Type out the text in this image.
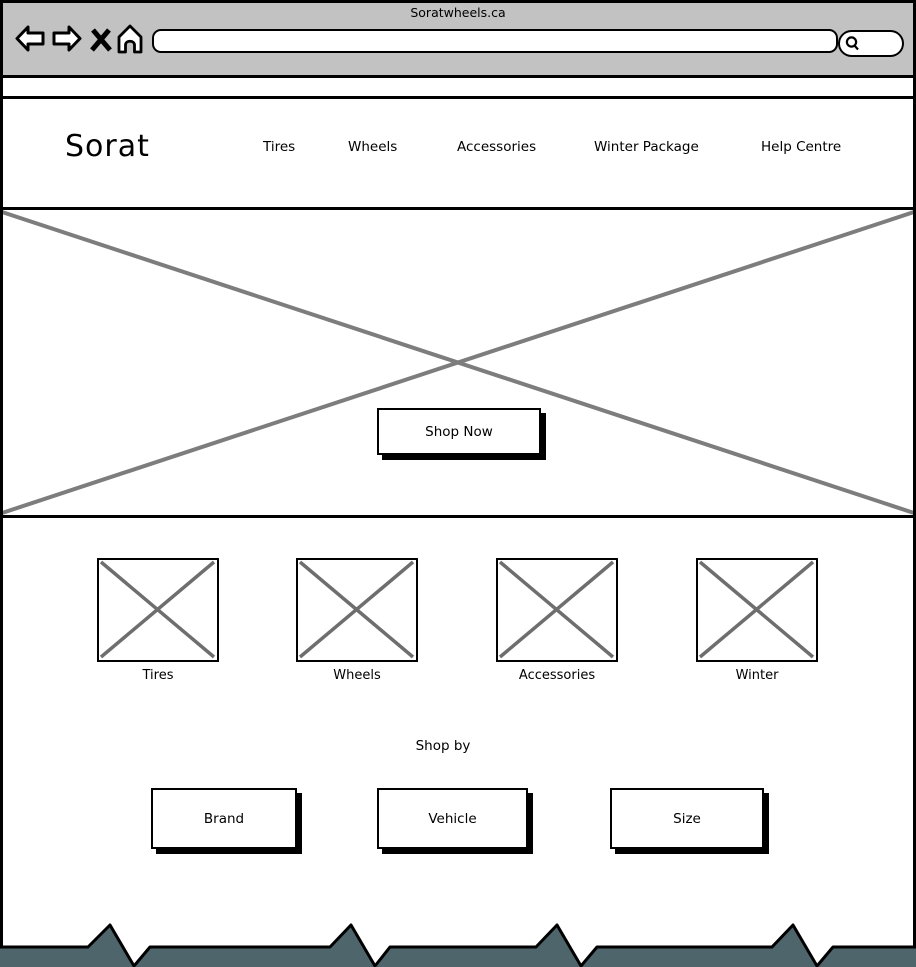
Soratwheels.ca
Sorat	Tires	Wheels	Accessories	Winter Package	Help Centre
Shop Now
Tires	Wheels	Accessories	Winter
Shop by
Brand	Vehicle	Size
